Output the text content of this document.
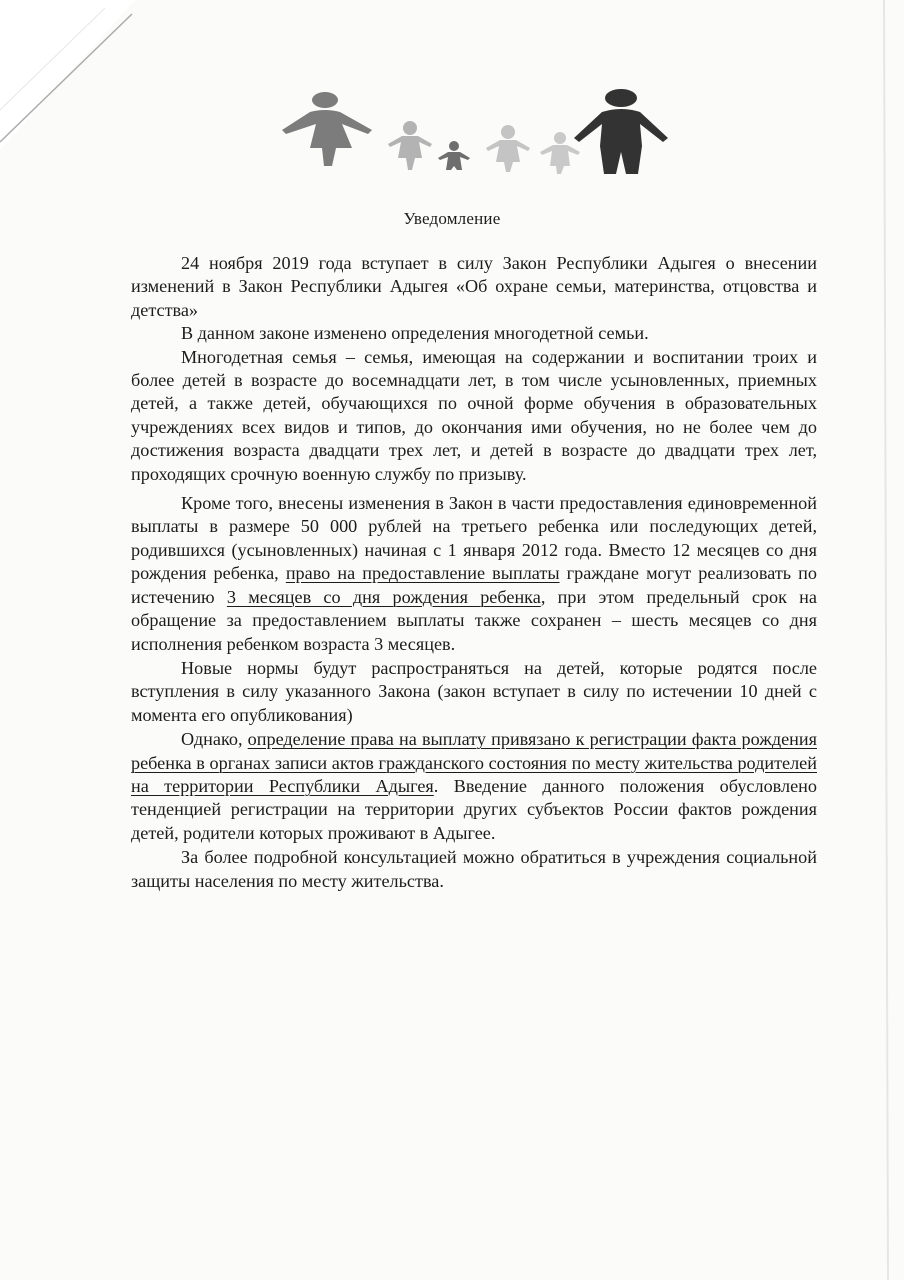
Уведомление

24 ноября 2019 года вступает в силу Закон Республики Адыгея о внесении изменений в Закон Республики Адыгея «Об охране семьи, материнства, отцовства и детства»

В данном законе изменено определения многодетной семьи.

Многодетная семья – семья, имеющая на содержании и воспитании троих и более детей в возрасте до восемнадцати лет, в том числе усыновленных, приемных детей, а также детей, обучающихся по очной форме обучения в образовательных учреждениях всех видов и типов, до окончания ими обучения, но не более чем до достижения возраста двадцати трех лет, и детей в возрасте до двадцати трех лет, проходящих срочную военную службу по призыву.

Кроме того, внесены изменения в Закон в части предоставления единовременной выплаты в размере 50 000 рублей на третьего ребенка или последующих детей, родившихся (усыновленных) начиная с 1 января 2012 года. Вместо 12 месяцев со дня рождения ребенка, право на предоставление выплаты граждане могут реализовать по истечению 3 месяцев со дня рождения ребенка, при этом предельный срок на обращение за предоставлением выплаты также сохранен – шесть месяцев со дня исполнения ребенком возраста 3 месяцев.

Новые нормы будут распространяться на детей, которые родятся после вступления в силу указанного Закона (закон вступает в силу по истечении 10 дней с момента его опубликования)

Однако, определение права на выплату привязано к регистрации факта рождения ребенка в органах записи актов гражданского состояния по месту жительства родителей на территории Республики Адыгея. Введение данного положения обусловлено тенденцией регистрации на территории других субъектов России фактов рождения детей, родители которых проживают в Адыгее.

За более подробной консультацией можно обратиться в учреждения социальной защиты населения по месту жительства.
